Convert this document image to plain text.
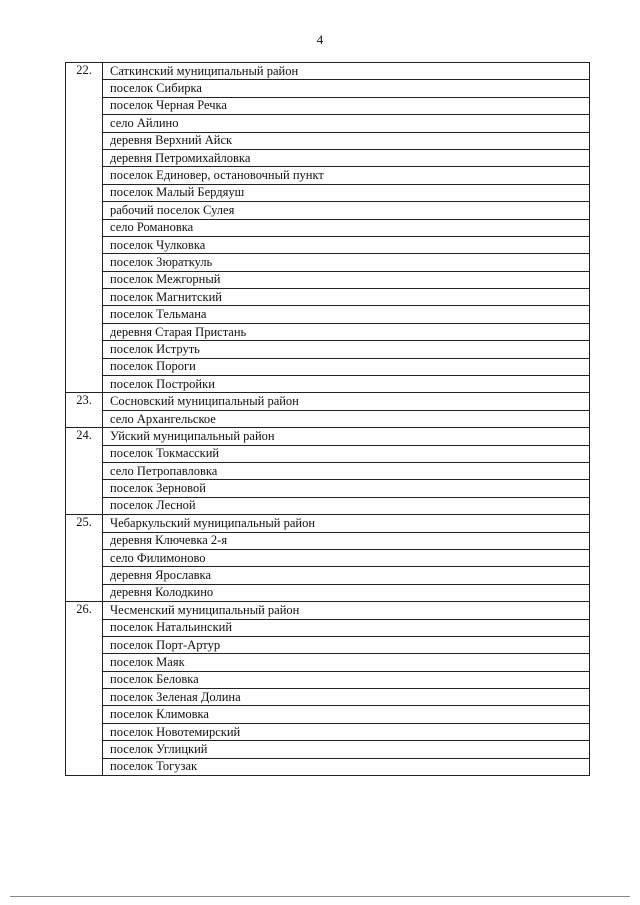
4
22.	Саткинский муниципальный район
	поселок Сибирка
	поселок Черная Речка
	село Айлино
	деревня Верхний Айск
	деревня Петромихайловка
	поселок Единовер, остановочный пункт
	поселок Малый Бердяуш
	рабочий поселок Сулея
	село Романовка
	поселок Чулковка
	поселок Зюраткуль
	поселок Межгорный
	поселок Магнитский
	поселок Тельмана
	деревня Старая Пристань
	поселок Иструть
	поселок Пороги
	поселок Постройки
23.	Сосновский муниципальный район
	село Архангельское
24.	Уйский муниципальный район
	поселок Токмасский
	село Петропавловка
	поселок Зерновой
	поселок Лесной
25.	Чебаркульский муниципальный район
	деревня Ключевка 2-я
	село Филимоново
	деревня Ярославка
	деревня Колодкино
26.	Чесменский муниципальный район
	поселок Натальинский
	поселок Порт-Артур
	поселок Маяк
	поселок Беловка
	поселок Зеленая Долина
	поселок Климовка
	поселок Новотемирский
	поселок Углицкий
	поселок Тогузак
